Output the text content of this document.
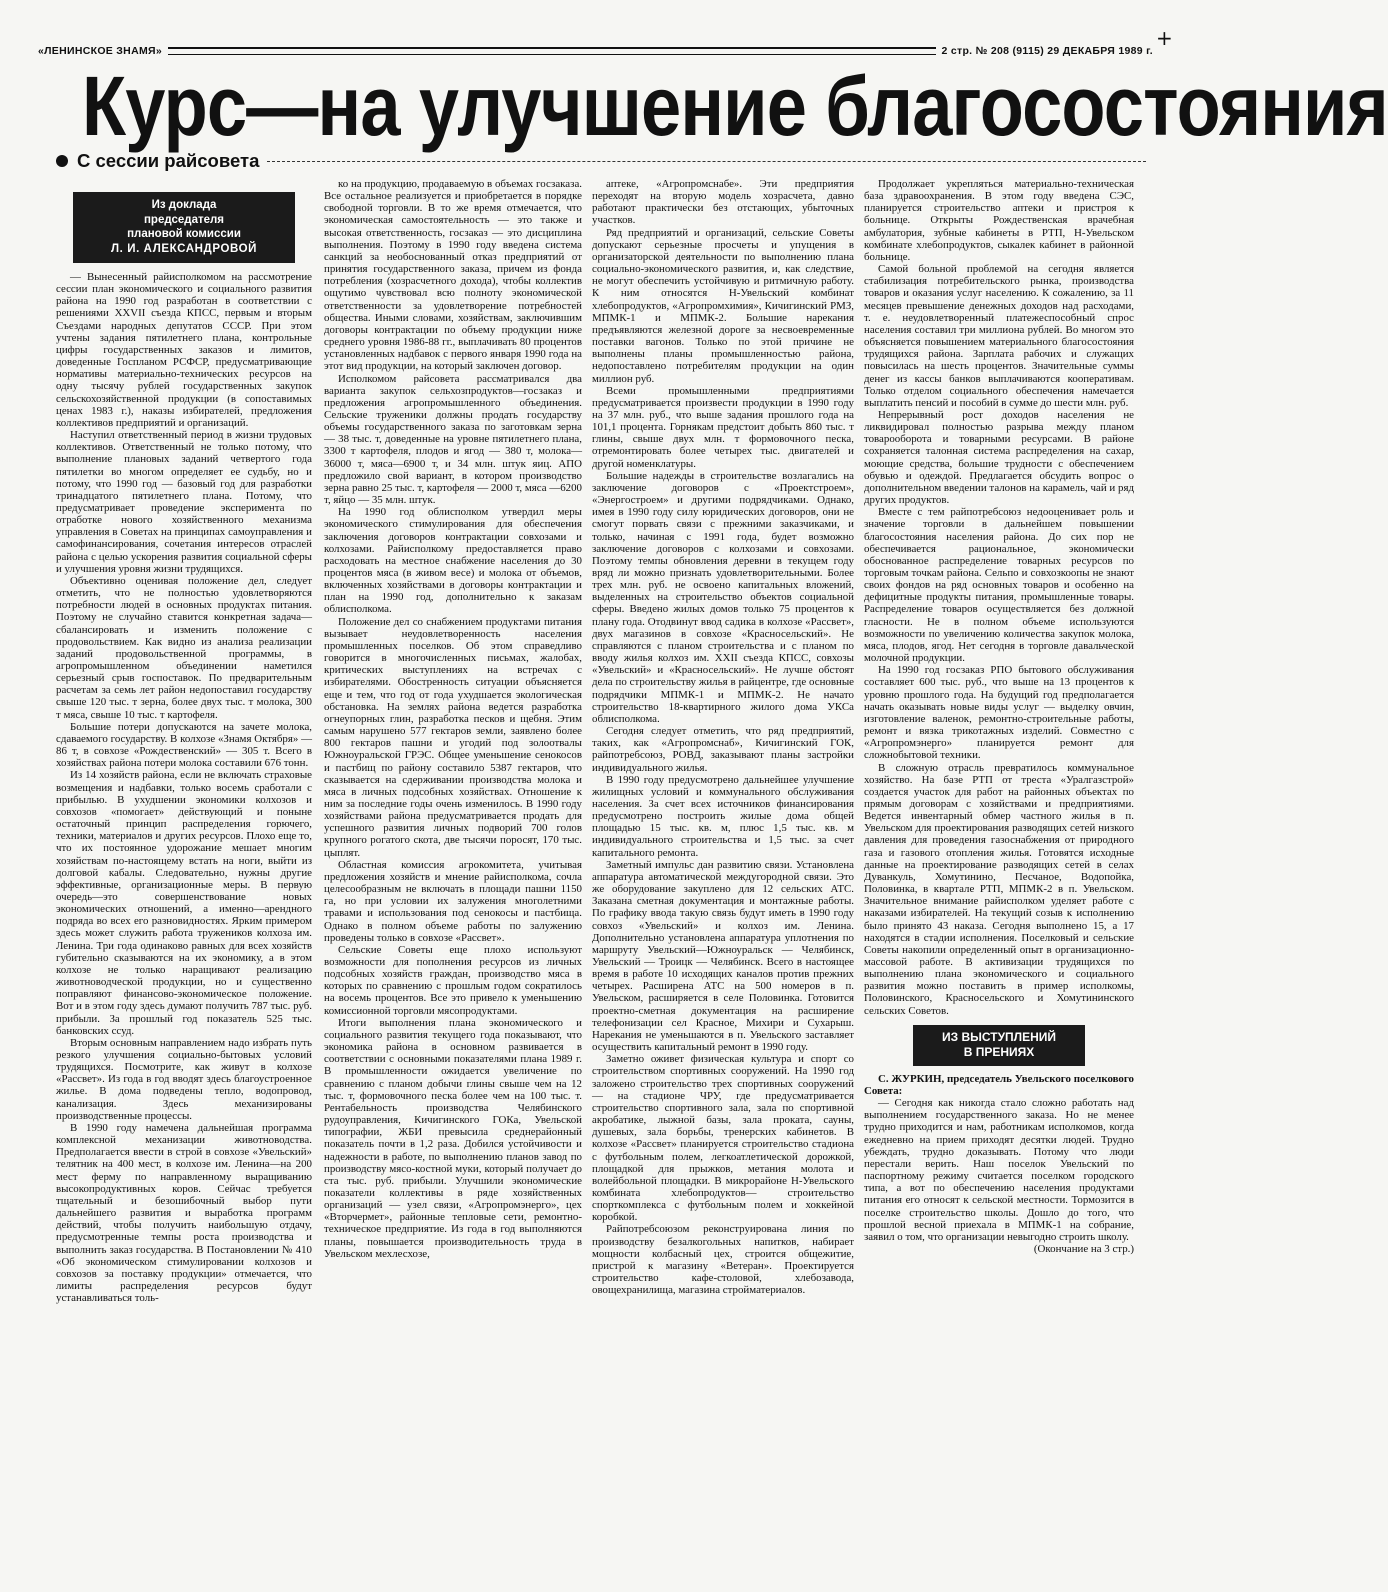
«ЛЕНИНСКОЕ ЗНАМЯ»	2 стр. № 208 (9115) 29 ДЕКАБРЯ 1989 г.
+
Курс—на улучшение благосостояния
С сессии райсовета
Из доклада
председателя
плановой комиссии
Л. И. АЛЕКСАНДРОВОЙ

— Вынесенный райисполкомом на рассмотрение сессии план экономического и социального развития района на 1990 год разработан в соответствии с решениями XXVII съезда КПСС, первым и вторым Съездами народных депутатов СССР. При этом учтены задания пятилетнего плана, контрольные цифры государственных заказов и лимитов, доведенные Госпланом РСФСР, предусматривающие нормативы материально-технических ресурсов на одну тысячу рублей государственных закупок сельскохозяйственной продукции (в сопоставимых ценах 1983 г.), наказы избирателей, предложения коллективов предприятий и организаций.

Наступил ответственный период в жизни трудовых коллективов. Ответственный не только потому, что выполнение плановых заданий четвертого года пятилетки во многом определяет ее судьбу, но и потому, что 1990 год — базовый год для разработки тринадцатого пятилетнего плана. Потому, что предусматривает проведение эксперимента по отработке нового хозяйственного механизма управления в Советах на принципах самоуправления и самофинансирования, сочетания интересов отраслей района с целью ускорения развития социальной сферы и улучшения уровня жизни трудящихся.

Объективно оценивая положение дел, следует отметить, что не полностью удовлетворяются потребности людей в основных продуктах питания. Поэтому не случайно ставится конкретная задача—сбалансировать и изменить положение с продовольствием. Как видно из анализа реализации заданий продовольственной программы, в агропромышленном объединении наметился серьезный срыв госпоставок. По предварительным расчетам за семь лет район недопоставил государству свыше 120 тыс. т зерна, более двух тыс. т молока, 300 т мяса, свыше 10 тыс. т картофеля.

Большие потери допускаются на зачете молока, сдаваемого государству. В колхозе «Знамя Октября» — 86 т, в совхозе «Рождественский» — 305 т. Всего в хозяйствах района потери молока составили 676 тонн.

Из 14 хозяйств района, если не включать страховые возмещения и надбавки, только восемь сработали с прибылью. В ухудшении экономики колхозов и совхозов «помогает» действующий и поныне остаточный принцип распределения горючего, техники, материалов и других ресурсов. Плохо еще то, что их постоянное удорожание мешает многим хозяйствам по-настоящему встать на ноги, выйти из долговой кабалы. Следовательно, нужны другие эффективные, организационные меры. В первую очередь—это совершенствование новых экономических отношений, а именно—арендного подряда во всех его разновидностях. Ярким примером здесь может служить работа тружеников колхоза им. Ленина. Три года одинаково равных для всех хозяйств губительно сказываются на их экономику, а в этом колхозе не только наращивают реализацию животноводческой продукции, но и существенно поправляют финансово-экономическое положение. Вот и в этом году здесь думают получить 787 тыс. руб. прибыли. За прошлый год показатель 525 тыс. банковских ссуд.

Вторым основным направлением надо избрать путь резкого улучшения социально-бытовых условий трудящихся. Посмотрите, как живут в колхозе «Рассвет». Из года в год вводят здесь благоустроенное жилье. В дома подведены тепло, водопровод, канализация. Здесь механизированы производственные процессы.

В 1990 году намечена дальнейшая программа комплексной механизации животноводства. Предполагается ввести в строй в совхозе «Увельский» телятник на 400 мест, в колхозе им. Ленина—на 200 мест ферму по направленному выращиванию высокопродуктивных коров. Сейчас требуется тщательный и безошибочный выбор пути дальнейшего развития и выработка программ действий, чтобы получить наибольшую отдачу, предусмотренные темпы роста производства и выполнить заказ государства. В Постановлении № 410 «Об экономическом стимулировании колхозов и совхозов за поставку продукции» отмечается, что лимиты распределения ресурсов будут устанавливаться толь-

ко на продукцию, продаваемую в объемах госзаказа. Все остальное реализуется и приобретается в порядке свободной торговли. В то же время отмечается, что экономическая самостоятельность — это также и высокая ответственность, госзаказ — это дисциплина выполнения. Поэтому в 1990 году введена система санкций за необоснованный отказ предприятий от принятия государственного заказа, причем из фонда потребления (хозрасчетного дохода), чтобы коллектив ощутимо чувствовал всю полноту экономической ответственности за удовлетворение потребностей общества. Иными словами, хозяйствам, заключившим договоры контрактации по объему продукции ниже среднего уровня 1986-88 гг., выплачивать 80 процентов установленных надбавок с первого января 1990 года на этот вид продукции, на который заключен договор.

Исполкомом райсовета рассматривался два варианта закупок сельхозпродуктов—госзаказ и предложения агропромышленного объединения. Сельские труженики должны продать государству объемы государственного заказа по заготовкам зерна — 38 тыс. т, доведенные на уровне пятилетнего плана, 3300 т картофеля, плодов и ягод — 380 т, молока—36000 т, мяса—6900 т, и 34 млн. штук яиц. АПО предложило свой вариант, в котором производство зерна равно 25 тыс. т, картофеля — 2000 т, мяса —6200 т, яйцо — 35 млн. штук.

На 1990 год облисполком утвердил меры экономического стимулирования для обеспечения заключения договоров контрактации совхозами и колхозами. Райисполкому предоставляется право расходовать на местное снабжение населения до 30 процентов мяса (в живом весе) и молока от объемов, включенных хозяйствами в договоры контрактации и план на 1990 год, дополнительно к заказам облисполкома.

Положение дел со снабжением продуктами питания вызывает неудовлетворенность населения промышленных поселков. Об этом справедливо говорится в многочисленных письмах, жалобах, критических выступлениях на встречах с избирателями. Обостренность ситуации объясняется еще и тем, что год от года ухудшается экологическая обстановка. На землях района ведется разработка огнеупорных глин, разработка песков и щебня. Этим самым нарушено 577 гектаров земли, заявлено более 800 гектаров пашни и угодий под золоотвалы Южноуральской ГРЭС. Общее уменьшение сенокосов и пастбищ по району составило 5387 гектаров, что сказывается на сдерживании производства молока и мяса в личных подсобных хозяйствах. Отношение к ним за последние годы очень изменилось. В 1990 году хозяйствами района предусматривается продать для успешного развития личных подворий 700 голов крупного рогатого скота, две тысячи поросят, 170 тыс. цыплят.

Областная комиссия агрокомитета, учитывая предложения хозяйств и мнение райисполкома, сочла целесообразным не включать в площади пашни 1150 га, но при условии их залужения многолетними травами и использования под сенокосы и пастбища. Однако в полном объеме работы по залужению проведены только в совхозе «Рассвет».

Сельские Советы еще плохо используют возможности для пополнения ресурсов из личных подсобных хозяйств граждан, производство мяса в которых по сравнению с прошлым годом сократилось на восемь процентов. Все это привело к уменьшению комиссионной торговли мясопродуктами.

Итоги выполнения плана экономического и социального развития текущего года показывают, что экономика района в основном развивается в соответствии с основными показателями плана 1989 г. В промышленности ожидается увеличение по сравнению с планом добычи глины свыше чем на 12 тыс. т, формовочного песка более чем на 100 тыс. т. Рентабельность производства Челябинского рудоуправления, Кичигинского ГОКа, Увельской типографии, ЖБИ превысила среднерайонный показатель почти в 1,2 раза. Добился устойчивости и надежности в работе, по выполнению планов завод по производству мясо-костной муки, который получает до ста тыс. руб. прибыли. Улучшили экономические показатели коллективы в ряде хозяйственных организаций — узел связи, «Агропромэнерго», цех «Вторчермет», районные тепловые сети, ремонтно-техническое предприятие. Из года в год выполняются планы, повышается производительность труда в Увельском мехлесхозе,

аптеке, «Агропромснабе». Эти предприятия переходят на вторую модель хозрасчета, давно работают практически без отстающих, убыточных участков.

Ряд предприятий и организаций, сельские Советы допускают серьезные просчеты и упущения в организаторской деятельности по выполнению плана социально-экономического развития, и, как следствие, не могут обеспечить устойчивую и ритмичную работу. К ним относятся Н-Увельский комбинат хлебопродуктов, «Агропромхимия», Кичигинский РМЗ, МПМК-1 и МПМК-2. Большие нарекания предъявляются железной дороге за несвоевременные поставки вагонов. Только по этой причине не выполнены планы промышленностью района, недопоставлено потребителям продукции на один миллион руб.

Всеми промышленными предприятиями предусматривается произвести продукции в 1990 году на 37 млн. руб., что выше задания прошлого года на 101,1 процента. Горнякам предстоит добыть 860 тыс. т глины, свыше двух млн. т формовочного песка, отремонтировать более четырех тыс. двигателей и другой номенклатуры.

Большие надежды в строительстве возлагались на заключение договоров с «Проектстроем», «Энергостроем» и другими подрядчиками. Однако, имея в 1990 году силу юридических договоров, они не смогут порвать связи с прежними заказчиками, и только, начиная с 1991 года, будет возможно заключение договоров с колхозами и совхозами. Поэтому темпы обновления деревни в текущем году вряд ли можно признать удовлетворительными. Более трех млн. руб. не освоено капитальных вложений, выделенных на строительство объектов социальной сферы. Введено жилых домов только 75 процентов к плану года. Отодвинут ввод садика в колхозе «Рассвет», двух магазинов в совхозе «Красносельский». Не справляются с планом строительства и с планом по вводу жилья колхоз им. XXII съезда КПСС, совхозы «Увельский» и «Красносельский». Не лучше обстоят дела по строительству жилья в райцентре, где основные подрядчики МПМК-1 и МПМК-2. Не начато строительство 18-квартирного жилого дома УКСа облисполкома.

Сегодня следует отметить, что ряд предприятий, таких, как «Агропромснаб», Кичигинский ГОК, райпотребсоюз, РОВД, заказывают планы застройки индивидуального жилья.

В 1990 году предусмотрено дальнейшее улучшение жилищных условий и коммунального обслуживания населения. За счет всех источников финансирования предусмотрено построить жилые дома общей площадью 15 тыс. кв. м, плюс 1,5 тыс. кв. м индивидуального строительства и 1,5 тыс. за счет капитального ремонта.

Заметный импульс дан развитию связи. Установлена аппаратура автоматической междугородной связи. Это же оборудование закуплено для 12 сельских АТС. Заказана сметная документация и монтажные работы. По графику ввода такую связь будут иметь в 1990 году совхоз «Увельский» и колхоз им. Ленина. Дополнительно установлена аппаратура уплотнения по маршруту Увельский—Южноуральск — Челябинск, Увельский — Троицк — Челябинск. Всего в настоящее время в работе 10 исходящих каналов против прежних четырех. Расширена АТС на 500 номеров в п. Увельском, расширяется в селе Половинка. Готовится проектно-сметная документация на расширение телефонизации сел Красное, Михири и Сухарыш. Нарекания не уменьшаются в п. Увельского заставляет осуществить капитальный ремонт в 1990 году.

Заметно оживет физическая культура и спорт со строительством спортивных сооружений. На 1990 год заложено строительство трех спортивных сооружений — на стадионе ЧРУ, где предусматривается строительство спортивного зала, зала по спортивной акробатике, лыжной базы, зала проката, сауны, душевых, зала борьбы, тренерских кабинетов. В колхозе «Рассвет» планируется строительство стадиона с футбольным полем, легкоатлетической дорожкой, площадкой для прыжков, метания молота и волейбольной площадки. В микрорайоне Н-Увельского комбината хлебопродуктов— строительство спорткомплекса с футбольным полем и хоккейной коробкой.

Райпотребсоюзом реконструирована линия по производству безалкогольных напитков, набирает мощности колбасный цех, строится общежитие, пристрой к магазину «Ветеран». Проектируется строительство кафе-столовой, хлебозавода, овощехранилища, магазина стройматериалов.

Продолжает укрепляться материально-техническая база здравоохранения. В этом году введена СЭС, планируется строительство аптеки и пристроя к больнице. Открыты Рождественская врачебная амбулатория, зубные кабинеты в РТП, Н-Увельском комбинате хлебопродуктов, сыкалек кабинет в районной больнице.

Самой больной проблемой на сегодня является стабилизация потребительского рынка, производства товаров и оказания услуг населению. К сожалению, за 11 месяцев превышение денежных доходов над расходами, т. е. неудовлетворенный платежеспособный спрос населения составил три миллиона рублей. Во многом это объясняется повышением материального благосостояния трудящихся района. Зарплата рабочих и служащих повысилась на шесть процентов. Значительные суммы денег из кассы банков выплачиваются кооперативам. Только отделом социального обеспечения намечается выплатить пенсий и пособий в сумме до шести млн. руб.

Непрерывный рост доходов населения не ликвидировал полностью разрыва между планом товарооборота и товарными ресурсами. В районе сохраняется талонная система распределения на сахар, моющие средства, большие трудности с обеспечением обувью и одеждой. Предлагается обсудить вопрос о дополнительном введении талонов на карамель, чай и ряд других продуктов.

Вместе с тем райпотребсоюз недооценивает роль и значение торговли в дальнейшем повышении благосостояния населения района. До сих пор не обеспечивается рациональное, экономически обоснованное распределение товарных ресурсов по торговым точкам района. Сельпо и совхозкоопы не знают своих фондов на ряд основных товаров и особенно на дефицитные продукты питания, промышленные товары. Распределение товаров осуществляется без должной гласности. Не в полном объеме используются возможности по увеличению количества закупок молока, мяса, плодов, ягод. Нет сегодня в торговле давальческой молочной продукции.

На 1990 год госзаказ РПО бытового обслуживания составляет 600 тыс. руб., что выше на 13 процентов к уровню прошлого года. На будущий год предполагается начать оказывать новые виды услуг — выделку овчин, изготовление валенок, ремонтно-строительные работы, ремонт и вязка трикотажных изделий. Совместно с «Агропромэнерго» планируется ремонт для сложнобытовой техники.

В сложную отрасль превратилось коммунальное хозяйство. На базе РТП от треста «Уралгазстрой» создается участок для работ на районных объектах по прямым договорам с хозяйствами и предприятиями. Ведется инвентарный обмер частного жилья в п. Увельском для проектирования разводящих сетей низкого давления для проведения газоснабжения от природного газа и газового отопления жилья. Готовятся исходные данные на проектирование разводящих сетей в селах Дуванкуль, Хомутинино, Песчаное, Водопойка, Половинка, в квартале РТП, МПМК-2 в п. Увельском. Значительное внимание райисполком уделяет работе с наказами избирателей. На текущий созыв к исполнению было принято 43 наказа. Сегодня выполнено 15, а 17 находятся в стадии исполнения. Поселковый и сельские Советы накопили определенный опыт в организационно-массовой работе. В активизации трудящихся по выполнению плана экономического и социального развития можно поставить в пример исполкомы, Половинского, Красносельского и Хомутининского сельских Советов.

ИЗ ВЫСТУПЛЕНИЙ
В ПРЕНИЯХ

С. ЖУРКИН, председатель Увельского поселкового Совета:

— Сегодня как никогда стало сложно работать над выполнением государственного заказа. Но не менее трудно приходится и нам, работникам исполкомов, когда ежедневно на прием приходят десятки людей. Трудно убеждать, трудно доказывать. Потому что люди перестали верить. Наш поселок Увельский по паспортному режиму считается поселком городского типа, а вот по обеспечению населения продуктами питания его относят к сельской местности. Тормозится в поселке строительство школы. Дошло до того, что прошлой весной приехала в МПМК-1 на собрание, заявил о том, что организации невыгодно строить школу.

(Окончание на 3 стр.)
